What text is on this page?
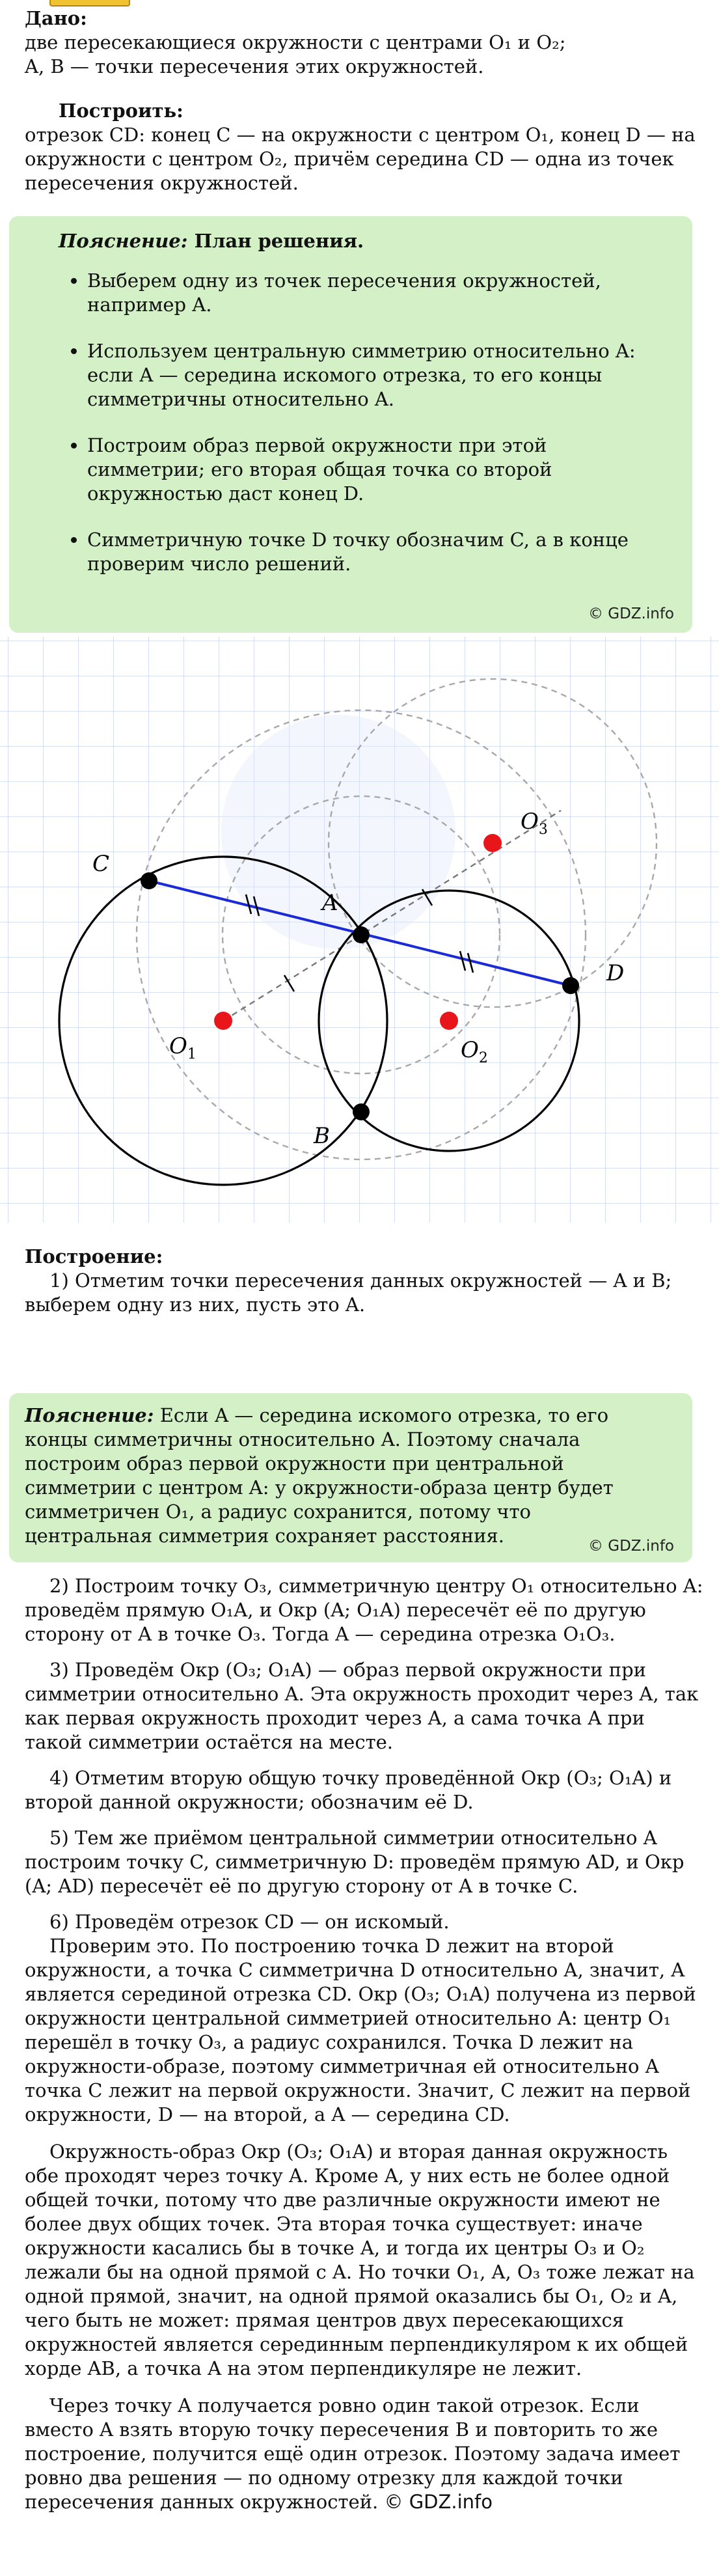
Дано:

две пересекающиеся окружности с центрами O₁ и O₂;

A, B — точки пересечения этих окружностей.

Построить:

отрезок CD: конец C — на окружности с центром O₁, конец D — на окружности с центром O₂, причём середина CD — одна из точек пересечения окружностей.

Пояснение: План решения.

• Выберем одну из точек пересечения окружностей, например A.
• Используем центральную симметрию относительно A: если A — середина искомого отрезка, то его концы симметричны относительно A.
• Построим образ первой окружности при этой симметрии; его вторая общая точка со второй окружностью даст конец D.
• Симметричную точке D точку обозначим C, а в конце проверим число решений.
© GDZ.info
C
A
D
B
$O_1$	$O_2$
$O_3$

Построение:

1) Отметим точки пересечения данных окружностей — A и B; выберем одну из них, пусть это A.

Пояснение: Если A — середина искомого отрезка, то его концы симметричны относительно A. Поэтому сначала построим образ первой окружности при центральной симметрии с центром A: у окружности-образа центр будет симметричен O₁, а радиус сохранится, потому что центральная симметрия сохраняет расстояния.	© GDZ.info

2) Построим точку O₃, симметричную центру O₁ относительно A: проведём прямую O₁A, и Окр (A; O₁A) пересечёт её по другую сторону от A в точке O₃. Тогда A — середина отрезка O₁O₃.

3) Проведём Окр (O₃; O₁A) — образ первой окружности при симметрии относительно A. Эта окружность проходит через A, так как первая окружность проходит через A, а сама точка A при такой симметрии остаётся на месте.

4) Отметим вторую общую точку проведённой Окр (O₃; O₁A) и второй данной окружности; обозначим её D.

5) Тем же приёмом центральной симметрии относительно A построим точку C, симметричную D: проведём прямую AD, и Окр (A; AD) пересечёт её по другую сторону от A в точке C.

6) Проведём отрезок CD — он искомый.

Проверим это. По построению точка D лежит на второй окружности, а точка C симметрична D относительно A, значит, A является серединой отрезка CD. Окр (O₃; O₁A) получена из первой окружности центральной симметрией относительно A: центр O₁ перешёл в точку O₃, а радиус сохранился. Точка D лежит на окружности-образе, поэтому симметричная ей относительно A точка C лежит на первой окружности. Значит, C лежит на первой окружности, D — на второй, а A — середина CD.

Окружность-образ Окр (O₃; O₁A) и вторая данная окружность обе проходят через точку A. Кроме A, у них есть не более одной общей точки, потому что две различные окружности имеют не более двух общих точек. Эта вторая точка существует: иначе окружности касались бы в точке A, и тогда их центры O₃ и O₂ лежали бы на одной прямой с A. Но точки O₁, A, O₃ тоже лежат на одной прямой, значит, на одной прямой оказались бы O₁, O₂ и A, чего быть не может: прямая центров двух пересекающихся окружностей является серединным перпендикуляром к их общей хорде AB, а точка A на этом перпендикуляре не лежит.

Через точку A получается ровно один такой отрезок. Если вместо A взять вторую точку пересечения B и повторить то же построение, получится ещё один отрезок. Поэтому задача имеет ровно два решения — по одному отрезку для каждой точки пересечения данных окружностей. © GDZ.info
